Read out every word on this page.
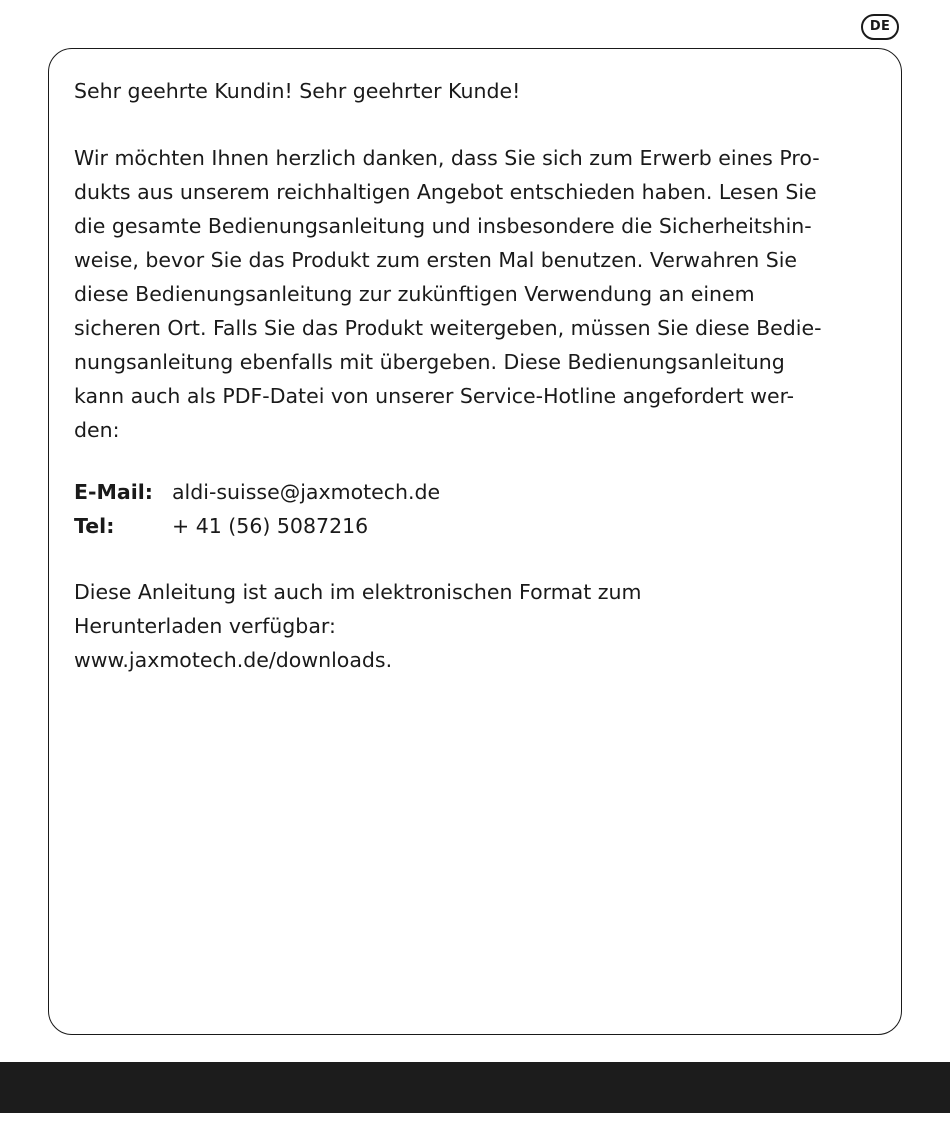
DE

Sehr geehrte Kundin! Sehr geehrter Kunde!

Wir möchten Ihnen herzlich danken, dass Sie sich zum Erwerb eines Pro-
dukts aus unserem reichhaltigen Angebot entschieden haben. Lesen Sie
die gesamte Bedienungsanleitung und insbesondere die Sicherheitshin-
weise, bevor Sie das Produkt zum ersten Mal benutzen. Verwahren Sie
diese Bedienungsanleitung zur zukünftigen Verwendung an einem
sicheren Ort. Falls Sie das Produkt weitergeben, müssen Sie diese Bedie-
nungsanleitung ebenfalls mit übergeben. Diese Bedienungsanleitung
kann auch als PDF-Datei von unserer Service-Hotline angefordert wer-
den:
E-Mail: aldi-suisse@jaxmotech.de
Tel:	+ 41 (56) 5087216
Diese Anleitung ist auch im elektronischen Format zum
Herunterladen verfügbar:
www.jaxmotech.de/downloads.
